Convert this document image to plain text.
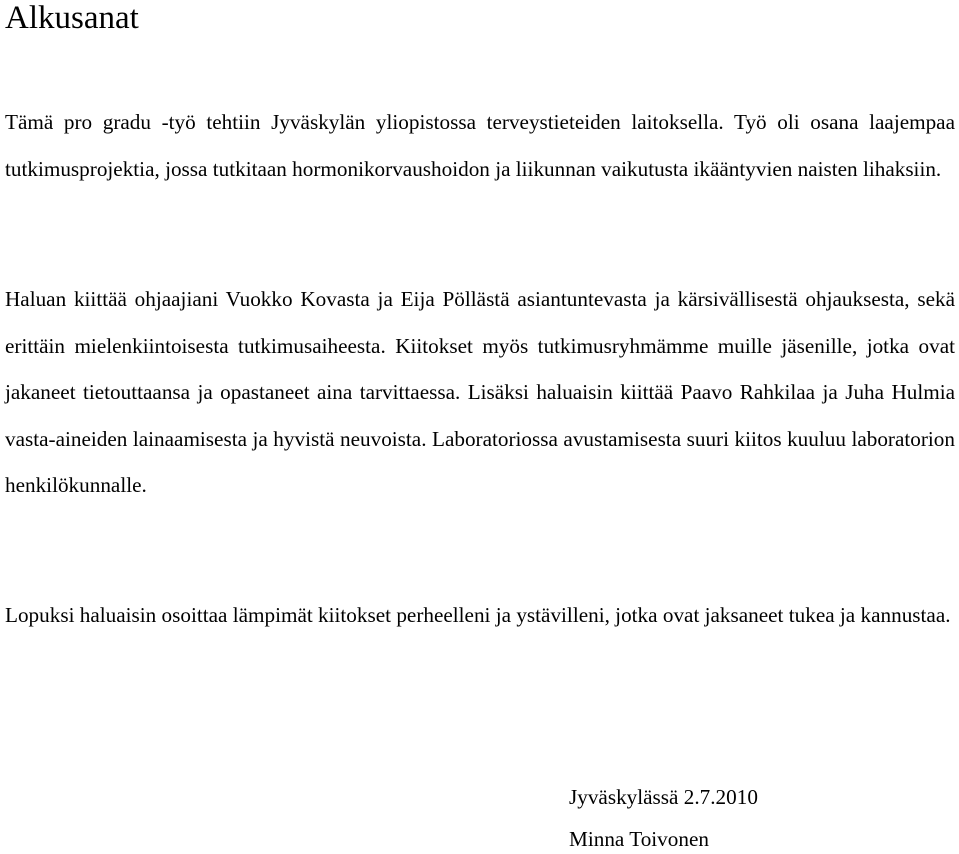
Alkusanat

Tämä pro gradu -työ tehtiin Jyväskylän yliopistossa terveystieteiden laitoksella. Työ oli osana laajempaa tutkimusprojektia, jossa tutkitaan hormonikorvaushoidon ja liikunnan vaikutusta ikääntyvien naisten lihaksiin.

Haluan kiittää ohjaajiani Vuokko Kovasta ja Eija Pöllästä asiantuntevasta ja kärsivällisestä ohjauksesta, sekä erittäin mielenkiintoisesta tutkimusaiheesta. Kiitokset myös tutkimusryhmämme muille jäsenille, jotka ovat jakaneet tietouttaansa ja opastaneet aina tarvittaessa. Lisäksi haluaisin kiittää Paavo Rahkilaa ja Juha Hulmia vasta-aineiden lainaamisesta ja hyvistä neuvoista. Laboratoriossa avustamisesta suuri kiitos kuuluu laboratorion henkilökunnalle.

Lopuksi haluaisin osoittaa lämpimät kiitokset perheelleni ja ystävilleni, jotka ovat jaksaneet tukea ja kannustaa.

Jyväskylässä 2.7.2010

Minna Toivonen
